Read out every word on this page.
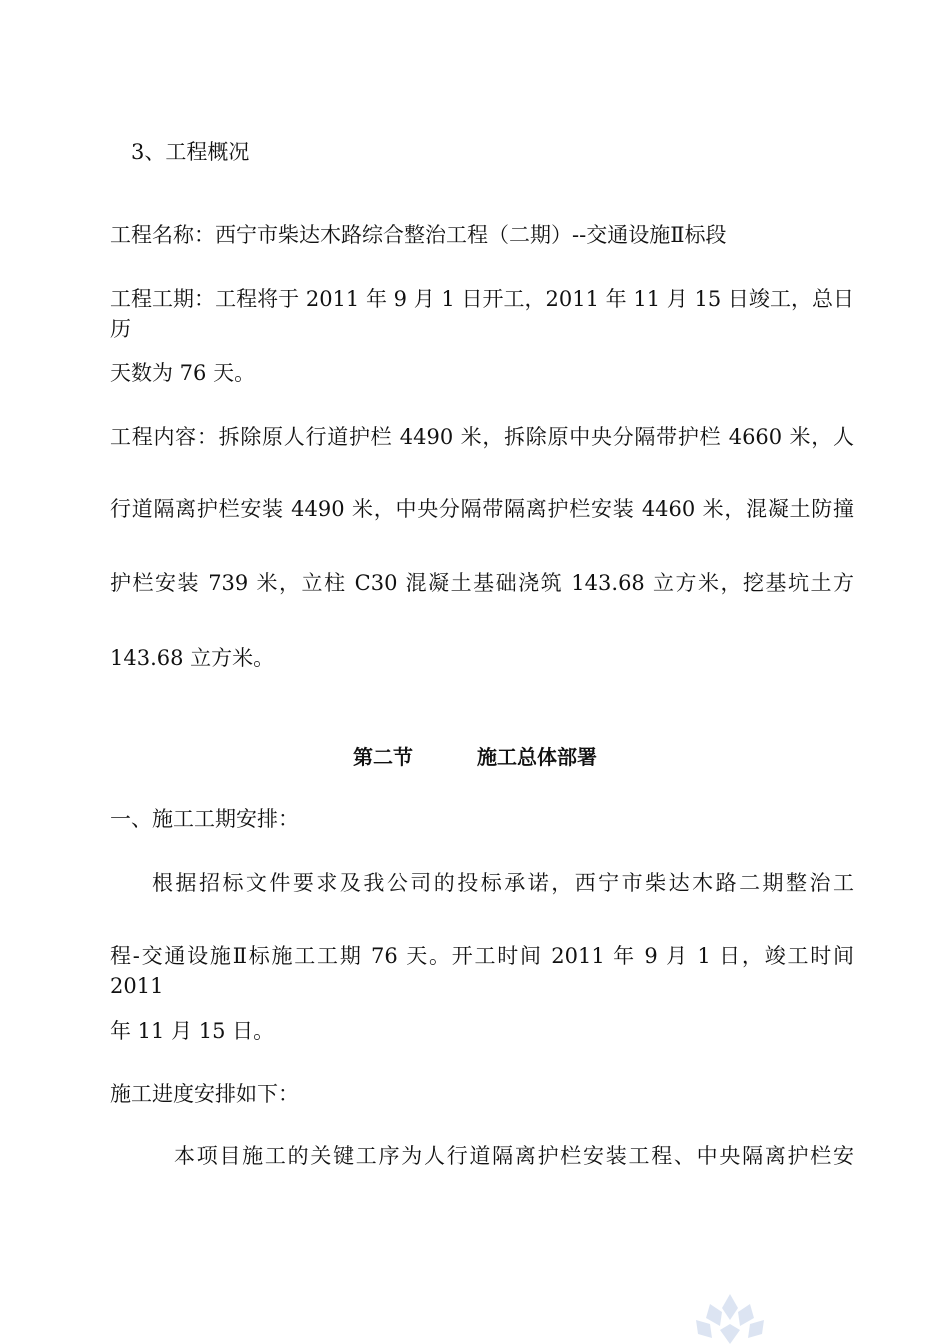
3、工程概况
工程名称：西宁市柴达木路综合整治工程（二期）--交通设施Ⅱ标段
工程工期：工程将于 2011 年 9 月 1 日开工，2011 年 11 月 15 日竣工，总日历
天数为 76 天。
工程内容：拆除原人行道护栏 4490 米，拆除原中央分隔带护栏 4660 米，人
行道隔离护栏安装 4490 米，中央分隔带隔离护栏安装 4460 米，混凝土防撞
护栏安装 739 米，立柱 C30 混凝土基础浇筑 143.68 立方米，挖基坑土方
143.68 立方米。
第二节	施工总体部署
一、施工工期安排：
根据招标文件要求及我公司的投标承诺，西宁市柴达木路二期整治工
程-交通设施Ⅱ标施工工期 76 天。开工时间 2011 年 9 月 1 日，竣工时间 2011
年 11 月 15 日。
施工进度安排如下：
本项目施工的关键工序为人行道隔离护栏安装工程、中央隔离护栏安
